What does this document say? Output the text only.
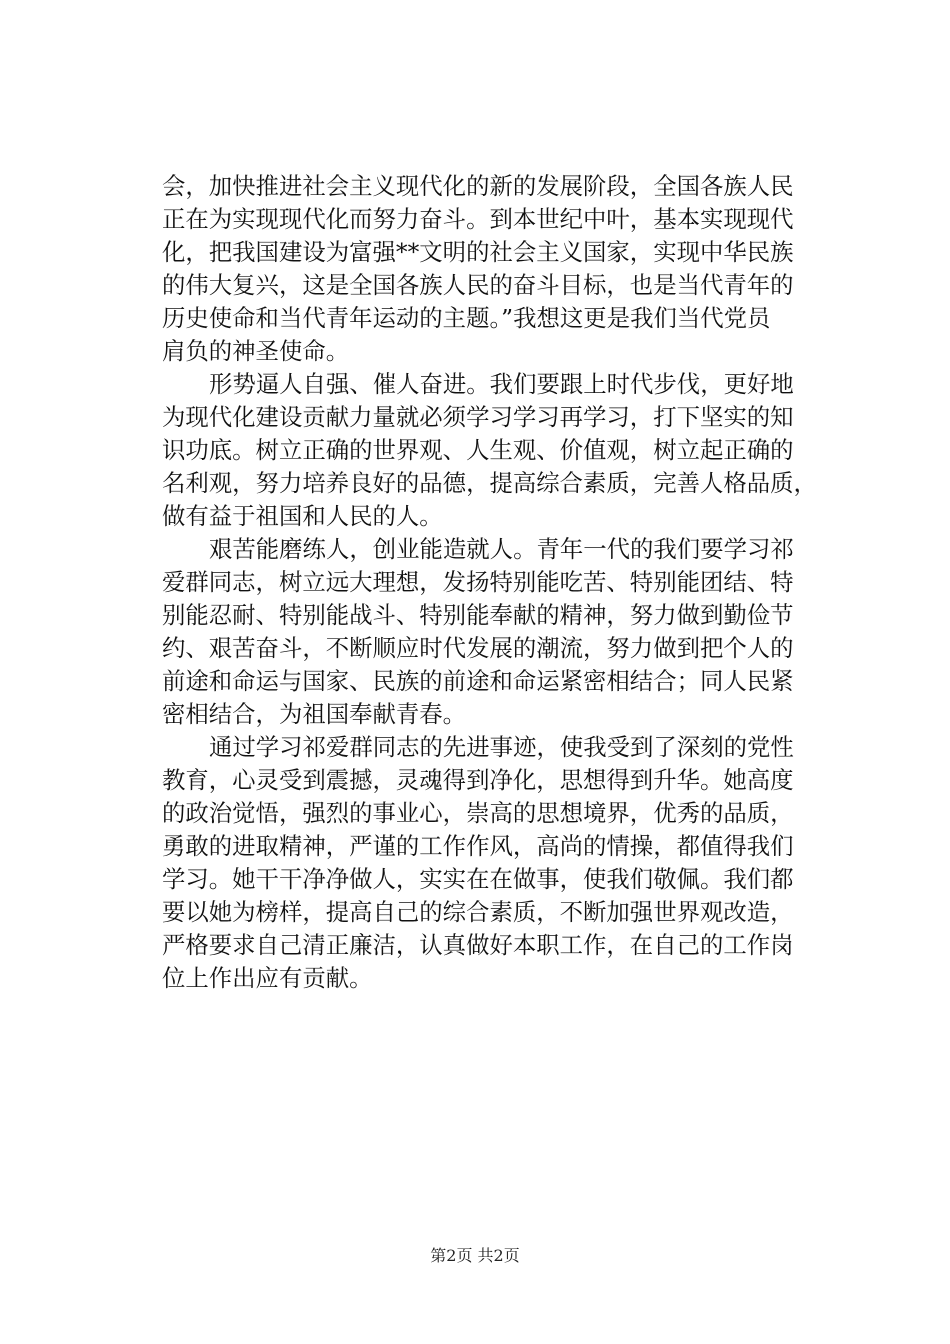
会，加快推进社会主义现代化的新的发展阶段，全国各族人民
正在为实现现代化而努力奋斗。到本世纪中叶，基本实现现代
化，把我国建设为富强**文明的社会主义国家，实现中华民族
的伟大复兴，这是全国各族人民的奋斗目标，也是当代青年的
历史使命和当代青年运动的主题。”我想这更是我们当代党员
肩负的神圣使命。

形势逼人自强、催人奋进。我们要跟上时代步伐，更好地
为现代化建设贡献力量就必须学习学习再学习，打下坚实的知
识功底。树立正确的世界观、人生观、价值观，树立起正确的
名利观，努力培养良好的品德，提高综合素质，完善人格品质，
做有益于祖国和人民的人。

艰苦能磨练人，创业能造就人。青年一代的我们要学习祁
爱群同志，树立远大理想，发扬特别能吃苦、特别能团结、特
别能忍耐、特别能战斗、特别能奉献的精神，努力做到勤俭节
约、艰苦奋斗，不断顺应时代发展的潮流，努力做到把个人的
前途和命运与国家、民族的前途和命运紧密相结合；同人民紧
密相结合，为祖国奉献青春。

通过学习祁爱群同志的先进事迹，使我受到了深刻的党性
教育，心灵受到震撼，灵魂得到净化，思想得到升华。她高度
的政治觉悟，强烈的事业心，崇高的思想境界，优秀的品质，
勇敢的进取精神，严谨的工作作风，高尚的情操，都值得我们
学习。她干干净净做人，实实在在做事，使我们敬佩。我们都
要以她为榜样，提高自己的综合素质，不断加强世界观改造，
严格要求自己清正廉洁，认真做好本职工作，在自己的工作岗
位上作出应有贡献。

第2页 共2页
